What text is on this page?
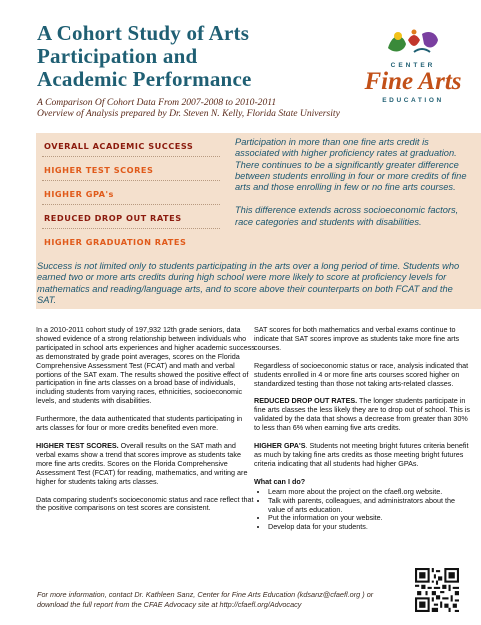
A Cohort Study of Arts
Participation and
Academic Performance
A Comparison Of Cohort Data From 2007-2008 to 2010-2011
Overview of Analysis prepared by Dr. Steven N. Kelly, Florida State University
CENTER
Fine Arts
EDUCATION
OVERALL ACADEMIC SUCCESS
HIGHER TEST SCORES
HIGHER GPA's
REDUCED DROP OUT RATES
HIGHER GRADUATION RATES
Participation in more than one fine arts credit is associated with higher proficiency rates at graduation. There continues to be a significantly greater difference between students enrolling in four or more credits of fine arts and those enrolling in few or no fine arts courses.
This difference extends across socioeconomic factors, race categories and students with disabilities.
Success is not limited only to students participating in the arts over a long period of time. Students who earned two or more arts credits during high school were more likely to score at proficiency levels for mathematics and reading/language arts, and to score above their counterparts on both FCAT and the SAT.

In a 2010-2011 cohort study of 197,932 12th grade seniors, data showed evidence of a strong relationship between individuals who participated in school arts experiences and higher academic success as demonstrated by grade point averages, scores on the Florida Comprehensive Assessment Test (FCAT) and math and verbal portions of the SAT exam. The results showed the positive effect of participation in fine arts classes on a broad base of individuals, including students from varying races, ethnicities, socioeconomic levels, and students with disabilities.

Furthermore, the data authenticated that students participating in arts classes for four or more credits benefited even more.

HIGHER TEST SCORES. Overall results on the SAT math and verbal exams show a trend that scores improve as students take more fine arts credits. Scores on the Florida Comprehensive Assessment Test (FCAT) for reading, mathematics, and writing are higher for students taking arts classes.

Data comparing student's socioeconomic status and race reflect that the positive comparisons on test scores are consistent.

SAT scores for both mathematics and verbal exams continue to indicate that SAT scores improve as students take more fine arts courses.

Regardless of socioeconomic status or race, analysis indicated that students enrolled in 4 or more fine arts courses scored higher on standardized testing than those not taking arts-related classes.

REDUCED DROP OUT RATES. The longer students participate in fine arts classes the less likely they are to drop out of school. This is validated by the data that shows a decrease from greater than 30% to less than 6% when earning five arts credits.

HIGHER GPA'S. Students not meeting bright futures criteria benefit as much by taking fine arts credits as those meeting bright futures criteria indicating that all students had higher GPAs.

What can I do?
• Learn more about the project on the cfaefl.org website.
• Talk with parents, colleagues, and administrators about the value of arts education.
• Put the information on your website.
• Develop data for your students.
For more information, contact Dr. Kathleen Sanz, Center for Fine Arts Education (kdsanz@cfaefl.org ) or
download the full report from the CFAE Advocacy site at http://cfaefl.org/Advocacy
